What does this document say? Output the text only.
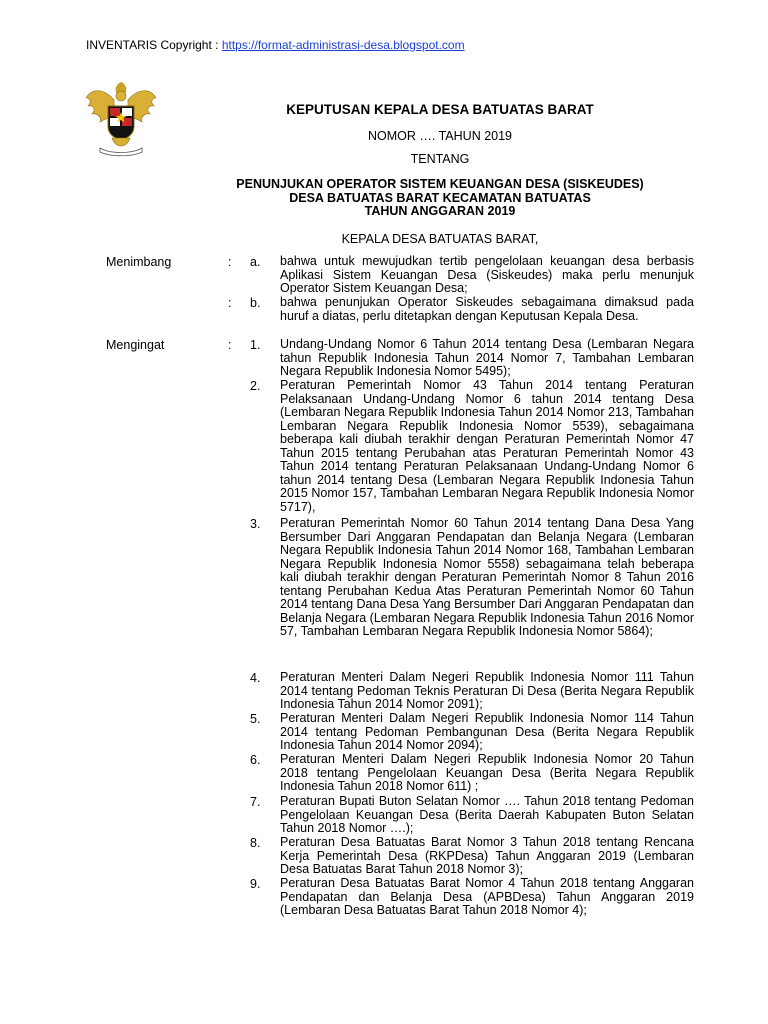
INVENTARIS Copyright : https://format-administrasi-desa.blogspot.com
KEPUTUSAN KEPALA DESA BATUATAS BARAT
NOMOR …. TAHUN 2019
TENTANG
PENUNJUKAN OPERATOR SISTEM KEUANGAN DESA (SISKEUDES)
DESA BATUATAS BARAT KECAMATAN BATUATAS
TAHUN ANGGARAN 2019
KEPALA DESA BATUATAS BARAT,
Menimbang	: a. bahwa untuk mewujudkan tertib pengelolaan keuangan desa berbasis Aplikasi Sistem Keuangan Desa (Siskeudes) maka perlu menunjuk Operator Sistem Keuangan Desa;
: b. bahwa penunjukan Operator Siskeudes sebagaimana dimaksud pada huruf a diatas, perlu ditetapkan dengan Keputusan Kepala Desa.
Mengingat	: 1. Undang-Undang Nomor 6 Tahun 2014 tentang Desa (Lembaran Negara tahun Republik Indonesia Tahun 2014 Nomor 7, Tambahan Lembaran Negara Republik Indonesia Nomor 5495);
2. Peraturan Pemerintah Nomor 43 Tahun 2014 tentang Peraturan Pelaksanaan Undang-Undang Nomor 6 tahun 2014 tentang Desa (Lembaran Negara Republik Indonesia Tahun 2014 Nomor 213, Tambahan Lembaran Negara Republik Indonesia Nomor 5539), sebagaimana beberapa kali diubah terakhir dengan Peraturan Pemerintah Nomor 47 Tahun 2015 tentang Perubahan atas Peraturan Pemerintah Nomor 43 Tahun 2014 tentang Peraturan Pelaksanaan Undang-Undang Nomor 6 tahun 2014 tentang Desa (Lembaran Negara Republik Indonesia Tahun 2015 Nomor 157, Tambahan Lembaran Negara Republik Indonesia Nomor 5717),
3. Peraturan Pemerintah Nomor 60 Tahun 2014 tentang Dana Desa Yang Bersumber Dari Anggaran Pendapatan dan Belanja Negara (Lembaran Negara Republik Indonesia Tahun 2014 Nomor 168, Tambahan Lembaran Negara Republik Indonesia Nomor 5558) sebagaimana telah beberapa kali diubah terakhir dengan Peraturan Pemerintah Nomor 8 Tahun 2016 tentang Perubahan Kedua Atas Peraturan Pemerintah Nomor 60 Tahun 2014 tentang Dana Desa Yang Bersumber Dari Anggaran Pendapatan dan Belanja Negara (Lembaran Negara Republik Indonesia Tahun 2016 Nomor 57, Tambahan Lembaran Negara Republik Indonesia Nomor 5864);
4. Peraturan Menteri Dalam Negeri Republik Indonesia Nomor 111 Tahun 2014 tentang Pedoman Teknis Peraturan Di Desa (Berita Negara Republik Indonesia Tahun 2014 Nomor 2091);
5. Peraturan Menteri Dalam Negeri Republik Indonesia Nomor 114 Tahun 2014 tentang Pedoman Pembangunan Desa (Berita Negara Republik Indonesia Tahun 2014 Nomor 2094);
6. Peraturan Menteri Dalam Negeri Republik Indonesia Nomor 20 Tahun 2018 tentang Pengelolaan Keuangan Desa (Berita Negara Republik Indonesia Tahun 2018 Nomor 611) ;
7. Peraturan Bupati Buton Selatan Nomor …. Tahun 2018 tentang Pedoman Pengelolaan Keuangan Desa (Berita Daerah Kabupaten Buton Selatan Tahun 2018 Nomor ….);
8. Peraturan Desa Batuatas Barat Nomor 3 Tahun 2018 tentang Rencana Kerja Pemerintah Desa (RKPDesa) Tahun Anggaran 2019 (Lembaran Desa Batuatas Barat Tahun 2018 Nomor 3);
9. Peraturan Desa Batuatas Barat Nomor 4 Tahun 2018 tentang Anggaran Pendapatan dan Belanja Desa (APBDesa) Tahun Anggaran 2019 (Lembaran Desa Batuatas Barat Tahun 2018 Nomor 4);
